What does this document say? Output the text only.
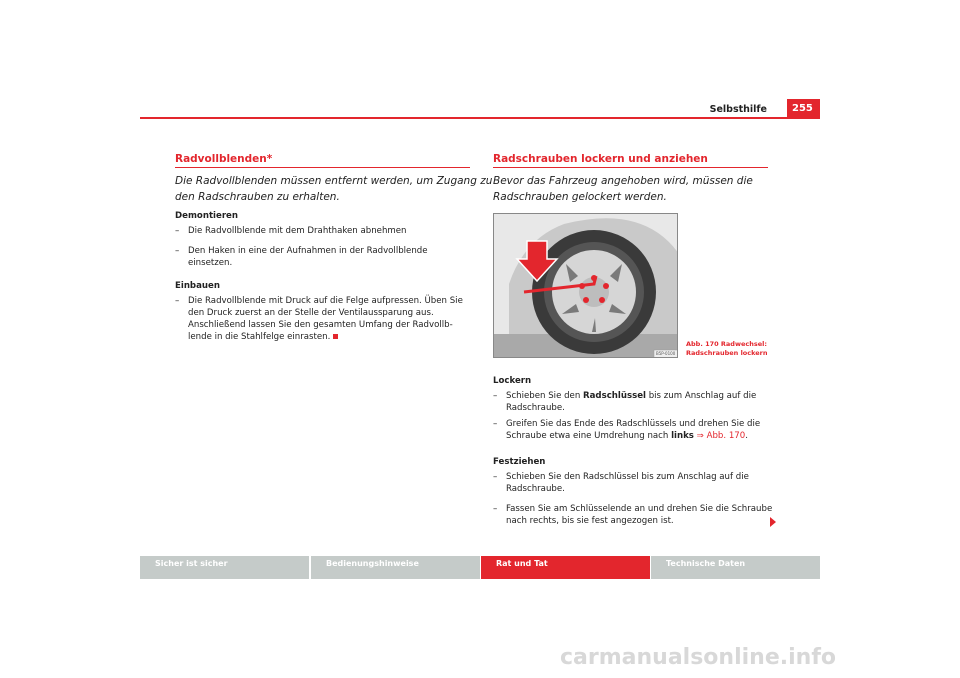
Selbsthilfe	255
Radvollblenden*
Die Radvollblenden müssen entfernt werden, um Zugang zu
den Radschrauben zu erhalten.
Demontieren
–	Die Radvollblende mit dem Drahthaken abnehmen
– Den Haken in eine der Aufnahmen in der Radvollblende
einsetzen.
Einbauen
– Die Radvollblende mit Druck auf die Felge aufpressen. Üben Sie
den Druck zuerst an der Stelle der Ventilaussparung aus.
Anschließend lassen Sie den gesamten Umfang der Radvollb-
lende in die Stahlfelge einrasten.
Radschrauben lockern und anziehen
Bevor das Fahrzeug angehoben wird, müssen die
Radschrauben gelockert werden.
B5P-0100
Abb. 170 Radwechsel:
Radschrauben lockern
Lockern
– Schieben Sie den Radschlüssel bis zum Anschlag auf die
Radschraube.
– Greifen Sie das Ende des Radschlüssels und drehen Sie die
Schraube etwa eine Umdrehung nach links ⇒ Abb. 170.
Festziehen
– Schieben Sie den Radschlüssel bis zum Anschlag auf die
Radschraube.
– Fassen Sie am Schlüsselende an und drehen Sie die Schraube
nach rechts, bis sie fest angezogen ist.
Sicher ist sicher	Bedienungshinweise	Rat und Tat	Technische Daten
carmanualsonline.info
